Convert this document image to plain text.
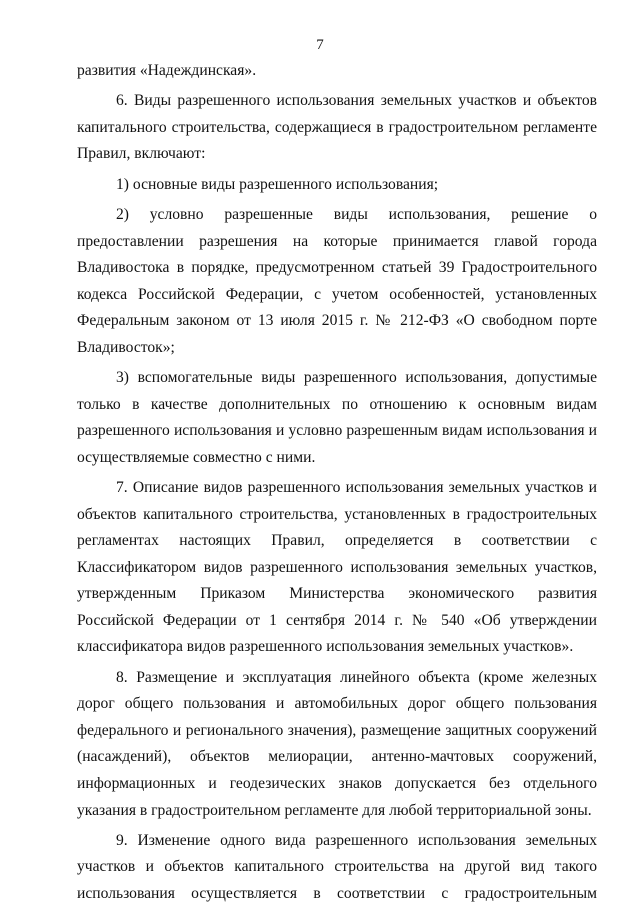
7

развития «Надеждинская».

6. Виды разрешенного использования земельных участков и объектов капитального строительства, содержащиеся в градостроительном регламенте Правил, включают:

1) основные виды разрешенного использования;

2) условно разрешенные виды использования, решение о предоставлении разрешения на которые принимается главой города Владивостока в порядке, предусмотренном статьей 39 Градостроительного кодекса Российской Федерации, с учетом особенностей, установленных Федеральным законом от 13 июля 2015 г. № 212-ФЗ «О свободном порте Владивосток»;

3) вспомогательные виды разрешенного использования, допустимые только в качестве дополнительных по отношению к основным видам разрешенного использования и условно разрешенным видам использования и осуществляемые совместно с ними.

7. Описание видов разрешенного использования земельных участков и объектов капитального строительства, установленных в градостроительных регламентах настоящих Правил, определяется в соответствии с Классификатором видов разрешенного использования земельных участков, утвержденным Приказом Министерства экономического развития Российской Федерации от 1 сентября 2014 г. № 540 «Об утверждении классификатора видов разрешенного использования земельных участков».

8. Размещение и эксплуатация линейного объекта (кроме железных дорог общего пользования и автомобильных дорог общего пользования федерального и регионального значения), размещение защитных сооружений (насаждений), объектов мелиорации, антенно-мачтовых сооружений, информационных и геодезических знаков допускается без отдельного указания в градостроительном регламенте для любой территориальной зоны.

9. Изменение одного вида разрешенного использования земельных участков и объектов капитального строительства на другой вид такого использования осуществляется в соответствии с градостроительным
